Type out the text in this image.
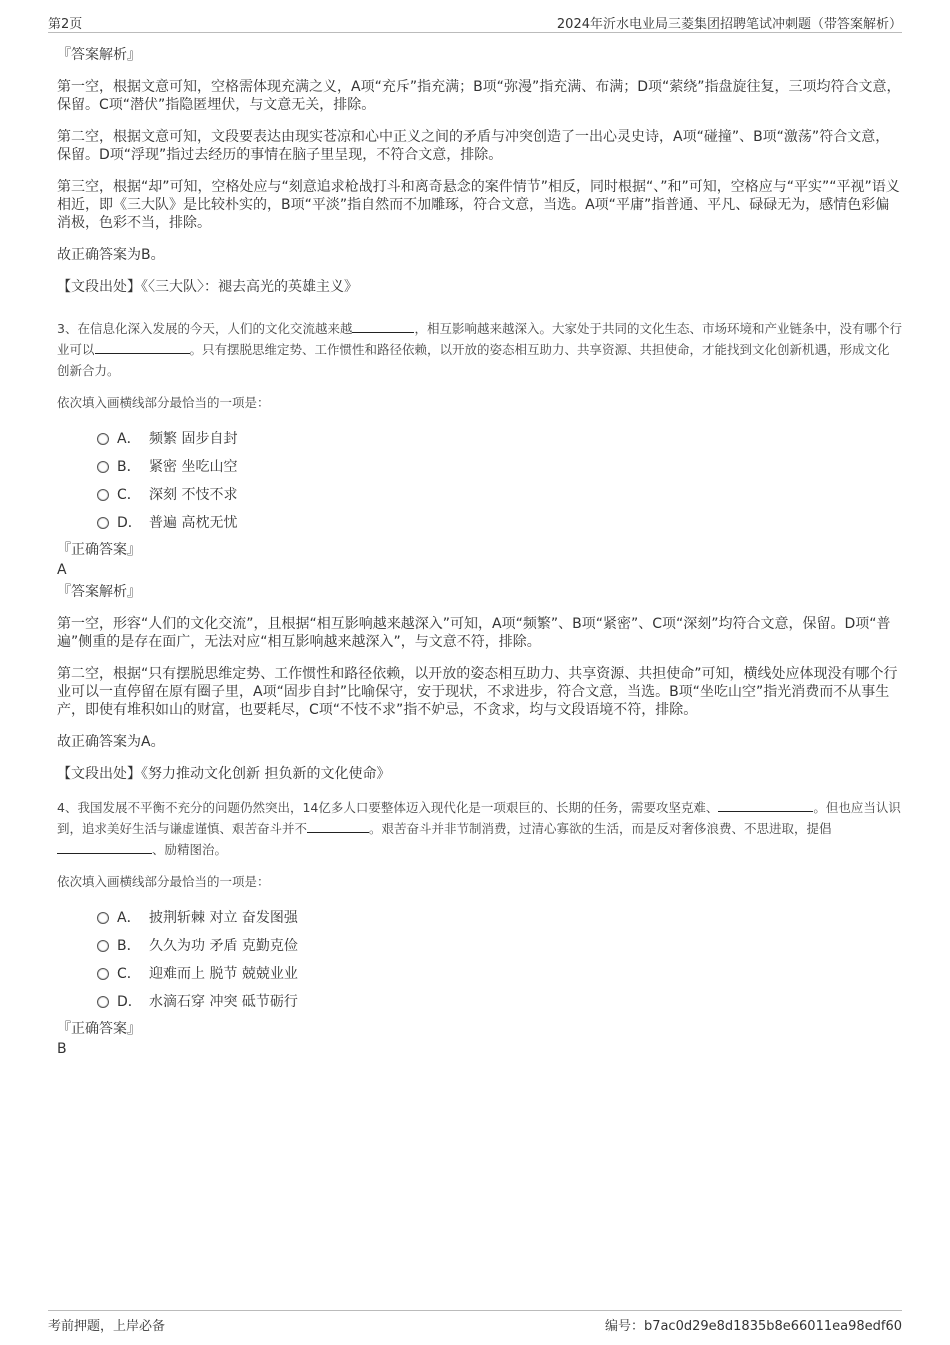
第2页	2024年沂水电业局三菱集团招聘笔试冲刺题（带答案解析）

『答案解析』

第一空，根据文意可知，空格需体现充满之义，A项“充斥”指充满；B项“弥漫”指充满、布满；D项“萦绕”指盘旋往复，三项均符合文意，保留。C项“潜伏”指隐匿埋伏，与文意无关，排除。

第二空，根据文意可知，文段要表达由现实苍凉和心中正义之间的矛盾与冲突创造了一出心灵史诗，A项“碰撞”、B项“激荡”符合文意，保留。D项“浮现”指过去经历的事情在脑子里呈现，不符合文意，排除。

第三空，根据“却”可知，空格处应与“刻意追求枪战打斗和离奇悬念的案件情节”相反，同时根据“、”和”可知，空格应与“平实”“平视”语义相近，即《三大队》是比较朴实的，B项“平淡”指自然而不加雕琢，符合文意，当选。A项“平庸”指普通、平凡、碌碌无为，感情色彩偏消极，色彩不当，排除。

故正确答案为B。

【文段出处】《〈三大队〉：褪去高光的英雄主义》

3、在信息化深入发展的今天，人们的文化交流越来越	，相互影响越来越深入。大家处于共同的文化生态、市场环境和产业链条中，没有哪个行业可以	。只有摆脱思维定势、工作惯性和路径依赖，以开放的姿态相互助力、共享资源、共担使命，才能找到文化创新机遇，形成文化创新合力。

依次填入画横线部分最恰当的一项是：

A． 频繁 固步自封
B． 紧密 坐吃山空
C． 深刻 不忮不求
D． 普遍 高枕无忧

『正确答案』

A

『答案解析』

第一空，形容“人们的文化交流”，且根据“相互影响越来越深入”可知，A项“频繁”、B项“紧密”、C项“深刻”均符合文意，保留。D项“普遍”侧重的是存在面广，无法对应“相互影响越来越深入”，与文意不符，排除。

第二空，根据“只有摆脱思维定势、工作惯性和路径依赖，以开放的姿态相互助力、共享资源、共担使命”可知，横线处应体现没有哪个行业可以一直停留在原有圈子里，A项“固步自封”比喻保守，安于现状，不求进步，符合文意，当选。B项“坐吃山空”指光消费而不从事生产，即使有堆积如山的财富，也要耗尽，C项“不忮不求”指不妒忌，不贪求，均与文段语境不符，排除。

故正确答案为A。

【文段出处】《努力推动文化创新 担负新的文化使命》

4、我国发展不平衡不充分的问题仍然突出，14亿多人口要整体迈入现代化是一项艰巨的、长期的任务，需要攻坚克难、	。但也应当认识到，追求美好生活与谦虚谨慎、艰苦奋斗并不	。艰苦奋斗并非节制消费，过清心寡欲的生活，而是反对奢侈浪费、不思进取，提倡、励精图治。

依次填入画横线部分最恰当的一项是：

A． 披荆斩棘 对立 奋发图强
B． 久久为功 矛盾 克勤克俭
C． 迎难而上 脱节 兢兢业业
D． 水滴石穿 冲突 砥节砺行

『正确答案』

B

考前押题，上岸必备	编号：b7ac0d29e8d1835b8e66011ea98edf60
